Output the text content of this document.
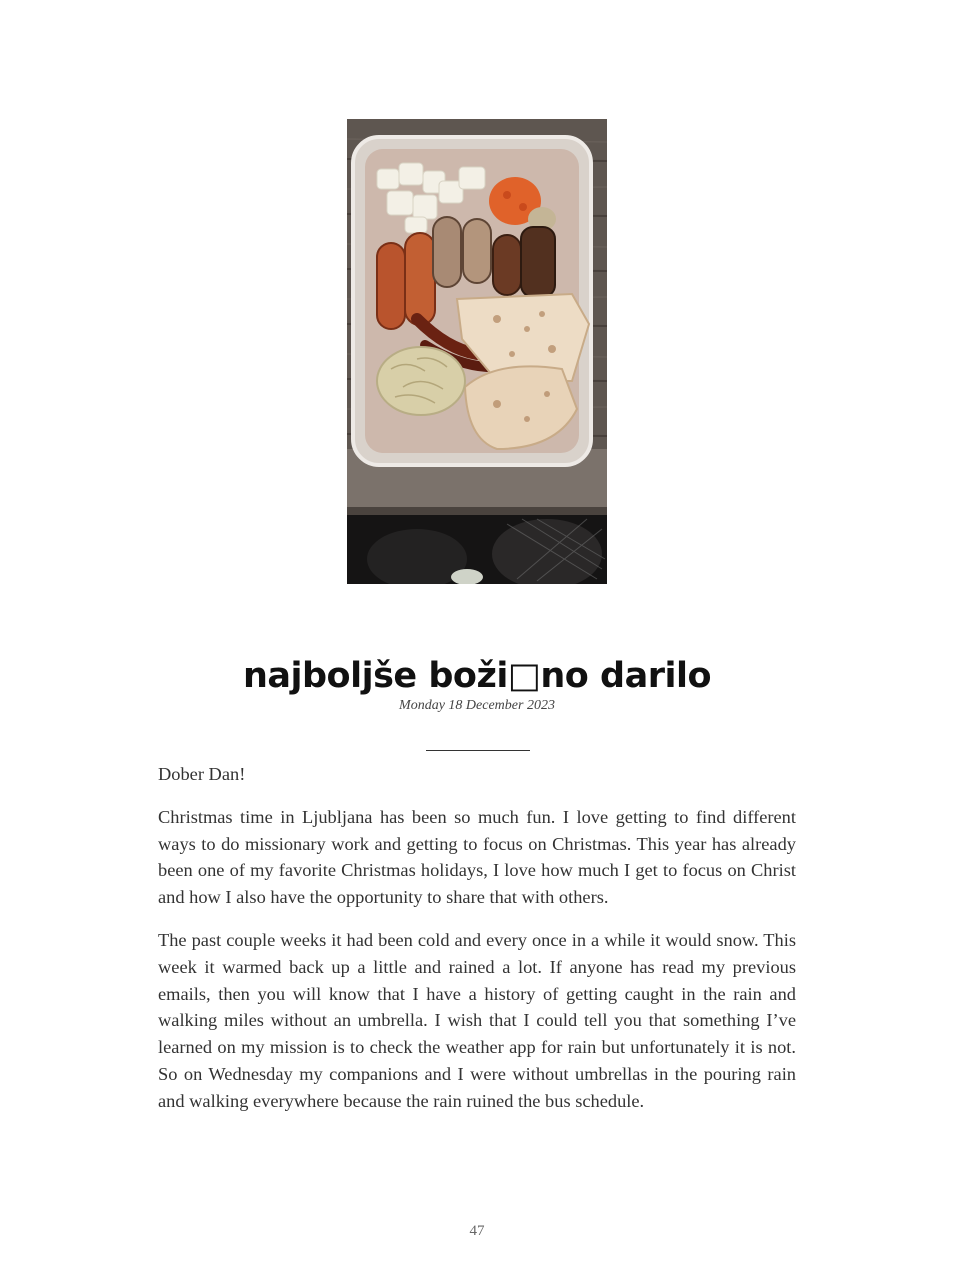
najboljše boži□no darilo
Monday 18 December 2023

Dober Dan!

Christmas time in Ljubljana has been so much fun. I love getting to find different ways to do missionary work and getting to focus on Christmas. This year has already been one of my favorite Christmas holidays, I love how much I get to focus on Christ and how I also have the opportunity to share that with others.

The past couple weeks it had been cold and every once in a while it would snow. This week it warmed back up a little and rained a lot. If anyone has read my previous emails, then you will know that I have a history of getting caught in the rain and walking miles without an umbrella. I wish that I could tell you that something I’ve learned on my mission is to check the weather app for rain but unfortunately it is not. So on Wednesday my companions and I were without umbrellas in the pouring rain and walking everywhere because the rain ruined the bus schedule.

47
